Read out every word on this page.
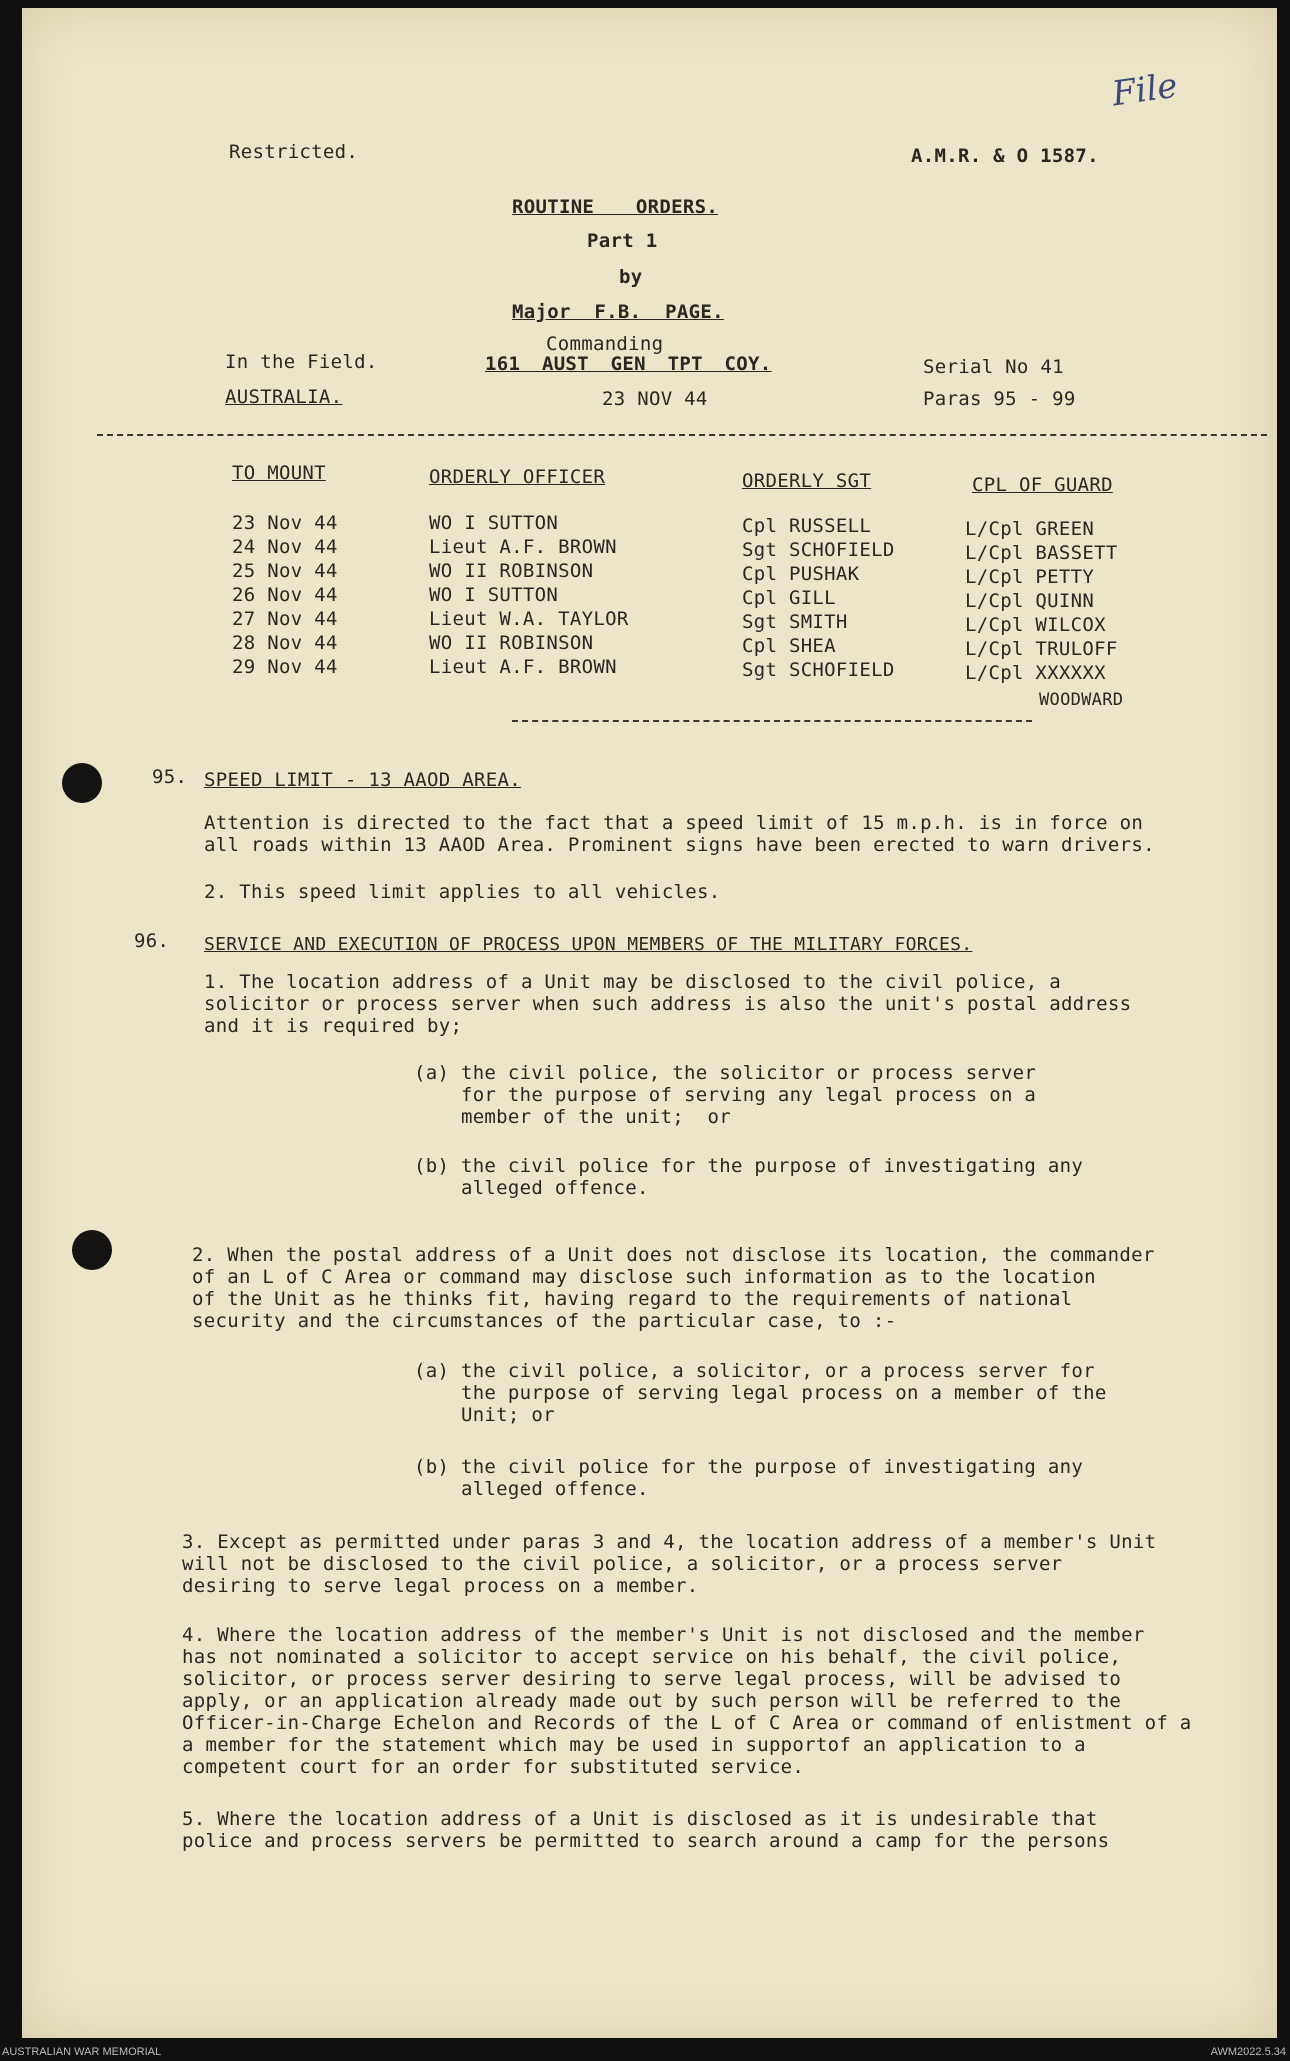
File
Restricted.	A.M.R. & O 1587.
ROUTINE ORDERS.
Part 1
by
Major F.B. PAGE.
Commanding
161 AUST GEN TPT COY.
23 NOV 44
In the Field.
AUSTRALIA.
Serial No 41
Paras 95 - 99
TO MOUNT	ORDERLY OFFICER	ORDERLY SGT	CPL OF GUARD
23 Nov 44	WO I SUTTON	Cpl RUSSELL	L/Cpl GREEN
24 Nov 44	Lieut A.F. BROWN	Sgt SCHOFIELD	L/Cpl BASSETT
25 Nov 44	WO II ROBINSON	Cpl PUSHAK	L/Cpl PETTY
26 Nov 44	WO I SUTTON	Cpl GILL	L/Cpl QUINN
27 Nov 44	Lieut W.A. TAYLOR	Sgt SMITH	L/Cpl WILCOX
28 Nov 44	WO II ROBINSON	Cpl SHEA	L/Cpl TRULOFF
29 Nov 44	Lieut A.F. BROWN	Sgt SCHOFIELD	L/Cpl XXXXXX
WOODWARD
95. SPEED LIMIT - 13 AAOD AREA.
Attention is directed to the fact that a speed limit of 15 m.p.h. is in force on
all roads within 13 AAOD Area. Prominent signs have been erected to warn drivers.
2. This speed limit applies to all vehicles.
96. SERVICE AND EXECUTION OF PROCESS UPON MEMBERS OF THE MILITARY FORCES.
1. The location address of a Unit may be disclosed to the civil police, a
solicitor or process server when such address is also the unit's postal address
and it is required by;
(a) the civil police, the solicitor or process server
for the purpose of serving any legal process on a
member of the unit;  or
(b) the civil police for the purpose of investigating any
alleged offence.
2. When the postal address of a Unit does not disclose its location, the commander
of an L of C Area or command may disclose such information as to the location
of the Unit as he thinks fit, having regard to the requirements of national
security and the circumstances of the particular case, to :-
(a) the civil police, a solicitor, or a process server for
the purpose of serving legal process on a member of the
Unit; or
(b) the civil police for the purpose of investigating any
alleged offence.
3. Except as permitted under paras 3 and 4, the location address of a member's Unit
will not be disclosed to the civil police, a solicitor, or a process server
desiring to serve legal process on a member.
4. Where the location address of the member's Unit is not disclosed and the member
has not nominated a solicitor to accept service on his behalf, the civil police,
solicitor, or process server desiring to serve legal process, will be advised to
apply, or an application already made out by such person will be referred to the
Officer-in-Charge Echelon and Records of the L of C Area or command of enlistment of a
a member for the statement which may be used in supportof an application to a
competent court for an order for substituted service.
5. Where the location address of a Unit is disclosed as it is undesirable that
police and process servers be permitted to search around a camp for the persons
AUSTRALIAN WAR MEMORIAL	AWM2022.5.34
